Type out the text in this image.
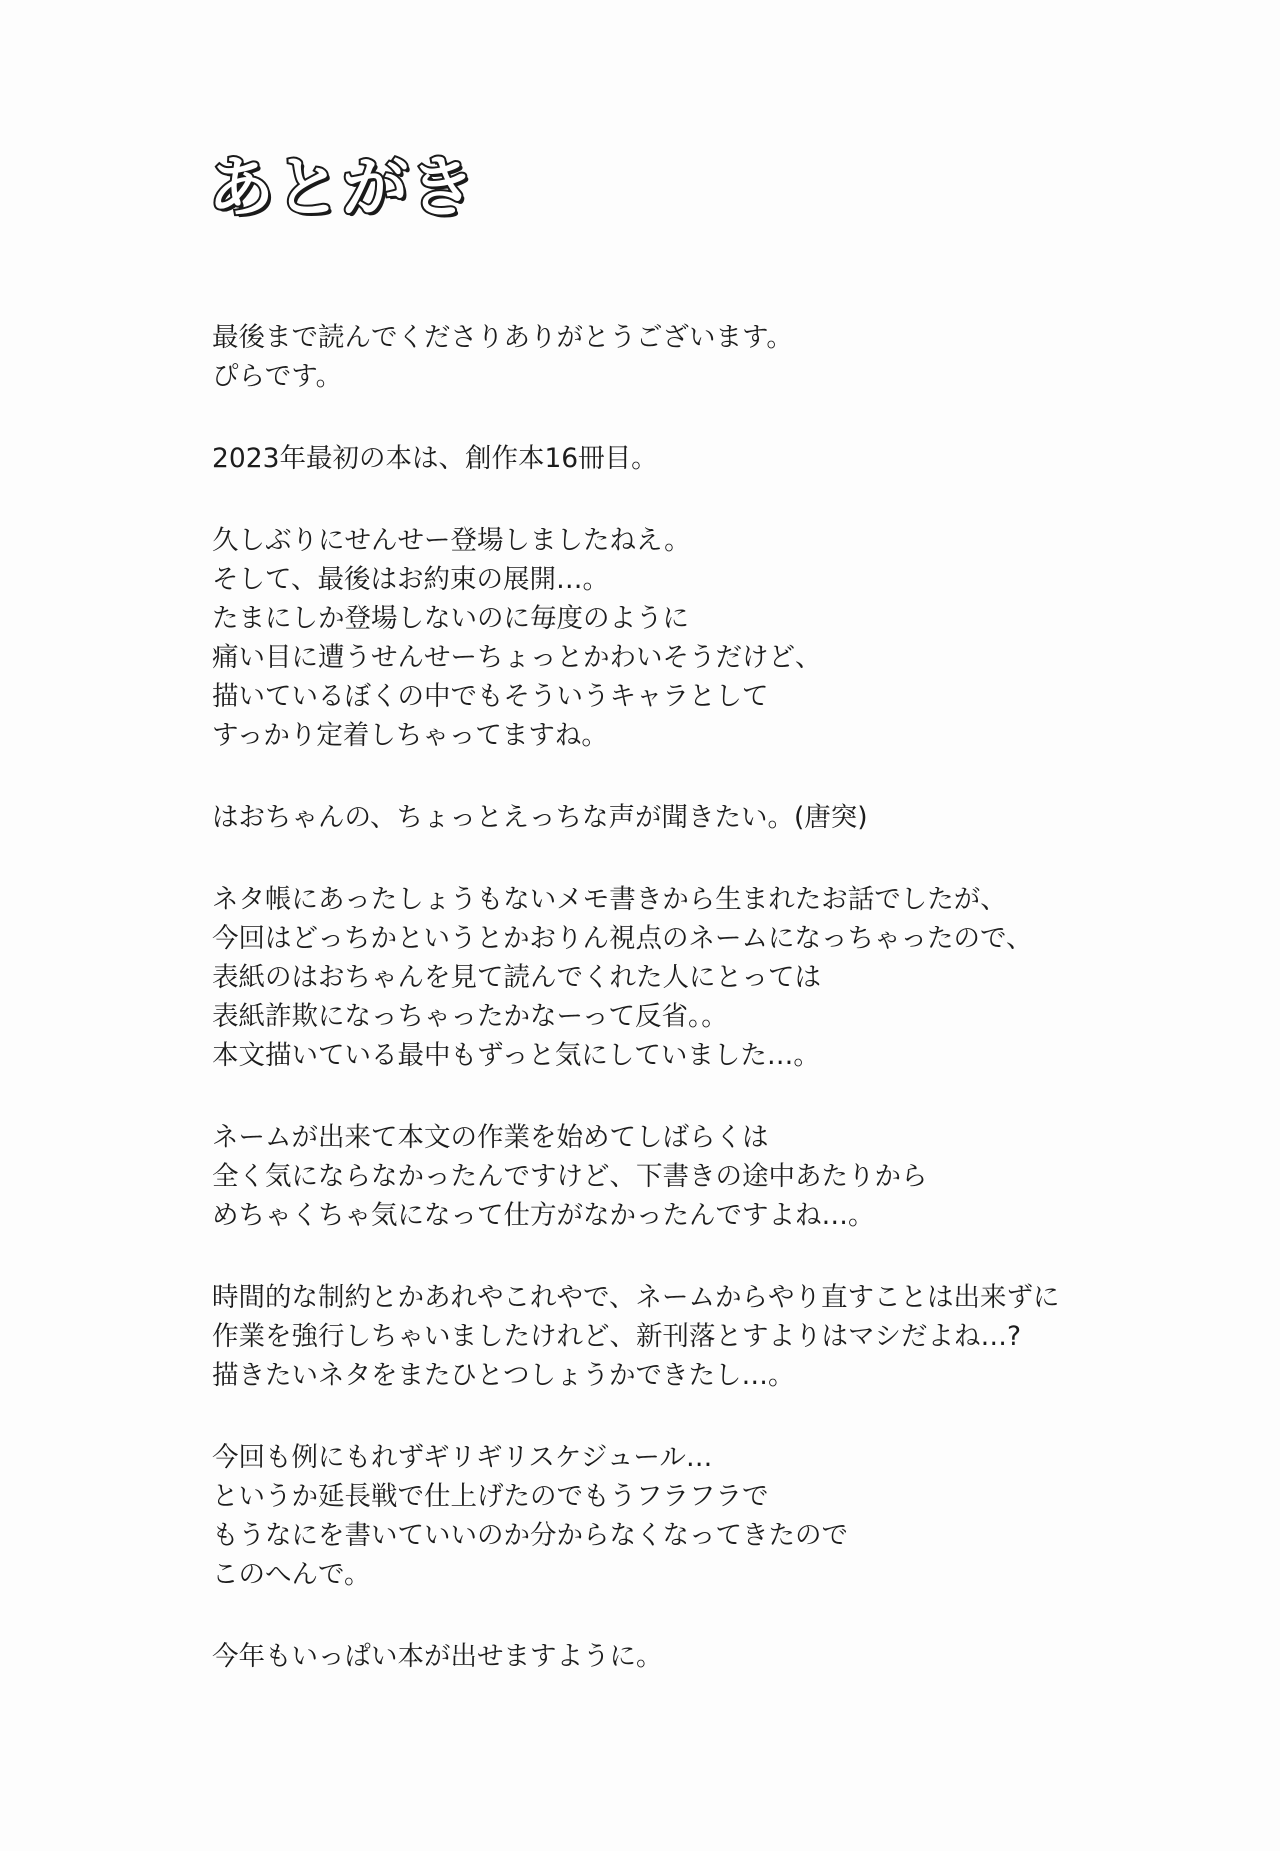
あとがき
最後まで読んでくださりありがとうございます。
ぴらです。
2023年最初の本は、創作本16冊目。
久しぶりにせんせー登場しましたねえ。
そして、最後はお約束の展開…。
たまにしか登場しないのに毎度のように
痛い目に遭うせんせーちょっとかわいそうだけど、
描いているぼくの中でもそういうキャラとして
すっかり定着しちゃってますね。
はおちゃんの、ちょっとえっちな声が聞きたい。(唐突)
ネタ帳にあったしょうもないメモ書きから生まれたお話でしたが、
今回はどっちかというとかおりん視点のネームになっちゃったので、
表紙のはおちゃんを見て読んでくれた人にとっては
表紙詐欺になっちゃったかなーって反省。。
本文描いている最中もずっと気にしていました…。
ネームが出来て本文の作業を始めてしばらくは
全く気にならなかったんですけど、下書きの途中あたりから
めちゃくちゃ気になって仕方がなかったんですよね…。
時間的な制約とかあれやこれやで、ネームからやり直すことは出来ずに
作業を強行しちゃいましたけれど、新刊落とすよりはマシだよね…?
描きたいネタをまたひとつしょうかできたし…。
今回も例にもれずギリギリスケジュール…
というか延長戦で仕上げたのでもうフラフラで
もうなにを書いていいのか分からなくなってきたので
このへんで。
今年もいっぱい本が出せますように。
